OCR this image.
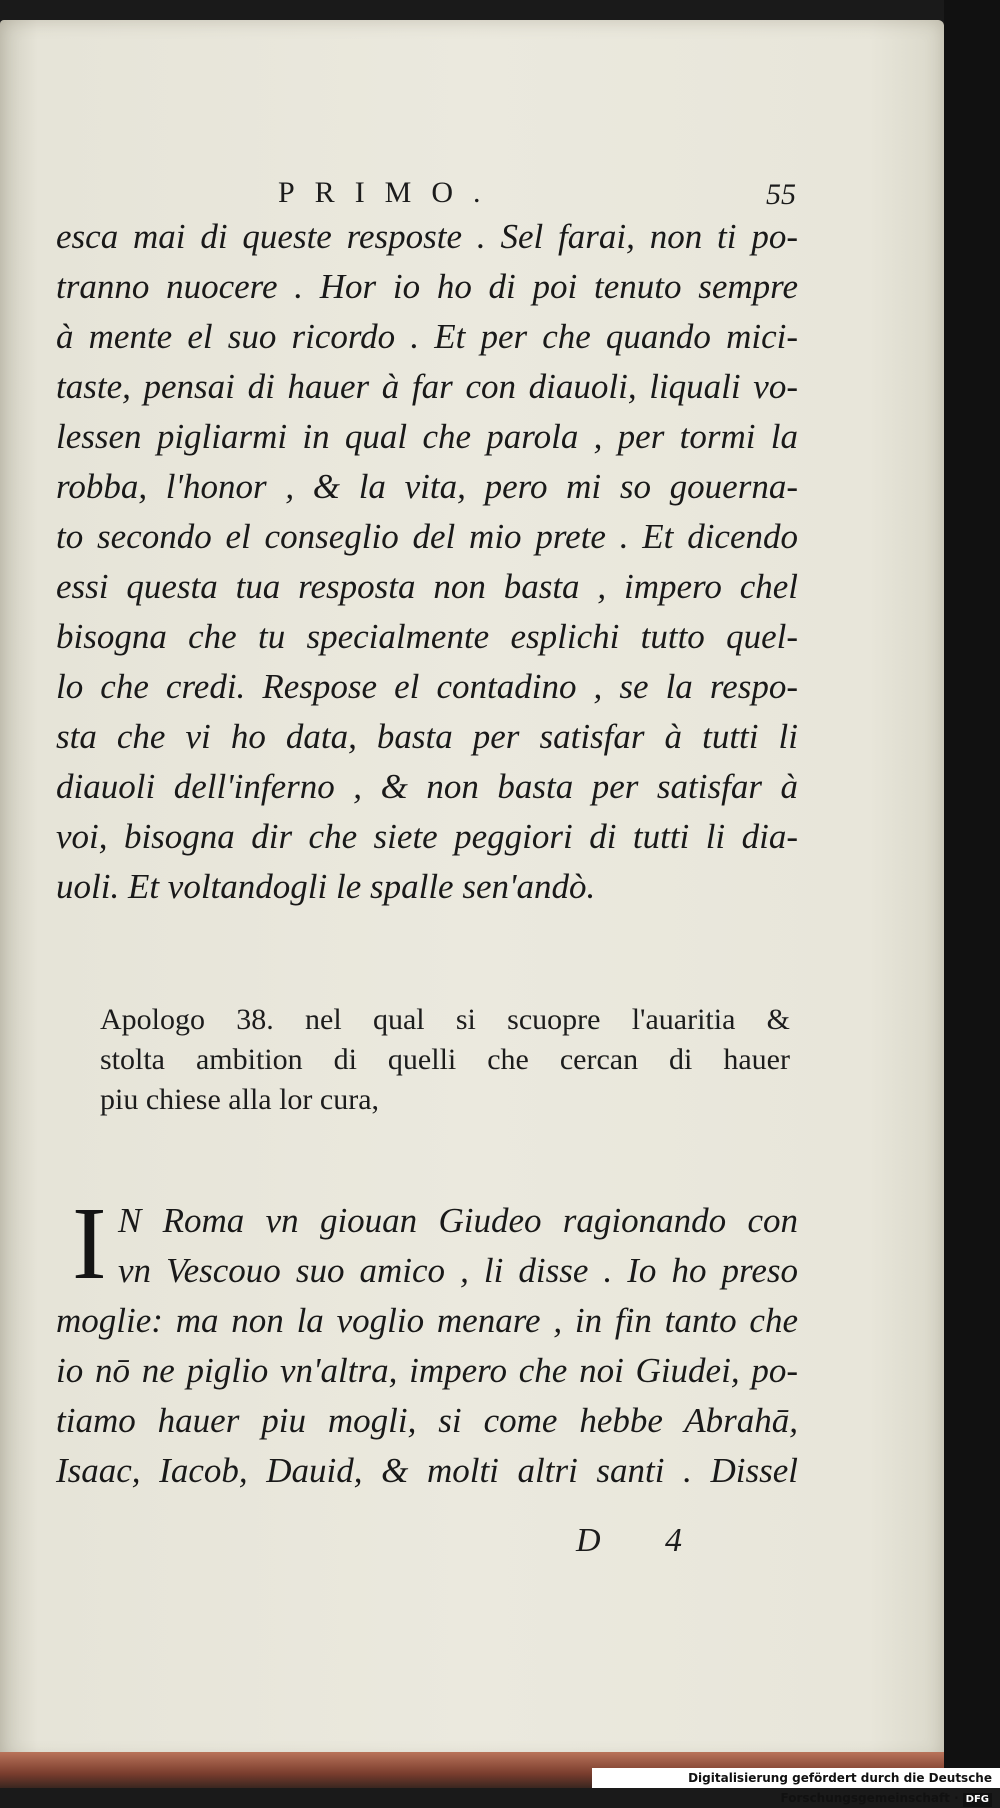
PRIMO.	55
esca mai di queste resposte . Sel farai, non ti po-
tranno nuocere . Hor io ho di poi tenuto sempre
à mente el suo ricordo . Et per che quando mici-
taste, pensai di hauer à far con diauoli, liquali vo-
lessen pigliarmi in qual che parola , per tormi la
robba, l'honor , & la vita, pero mi so gouerna-
to secondo el conseglio del mio prete . Et dicendo
essi questa tua resposta non basta , impero chel
bisogna che tu specialmente esplichi tutto quel-
lo che credi. Respose el contadino , se la respo-
sta che vi ho data, basta per satisfar à tutti li
diauoli dell'inferno , & non basta per satisfar à
voi, bisogna dir che siete peggiori di tutti li dia-
uoli. Et voltandogli le spalle sen'andò.
Apologo 38. nel qual si scuopre l'auaritia &
stolta ambition di quelli che cercan di hauer
piu chiese alla lor cura,
I N Roma vn giouan Giudeo ragionando con
vn Vescouo suo amico , li disse . Io ho preso
moglie: ma non la voglio menare , in fin tanto che
io nō ne piglio vn'altra, impero che noi Giudei, po-
tiamo hauer piu mogli, si come hebbe Abrahā,
Isaac, Iacob, Dauid, & molti altri santi . Dissel
D 4
Digitalisierung gefördert durch die Deutsche Forschungsgemeinschaft · DFG
